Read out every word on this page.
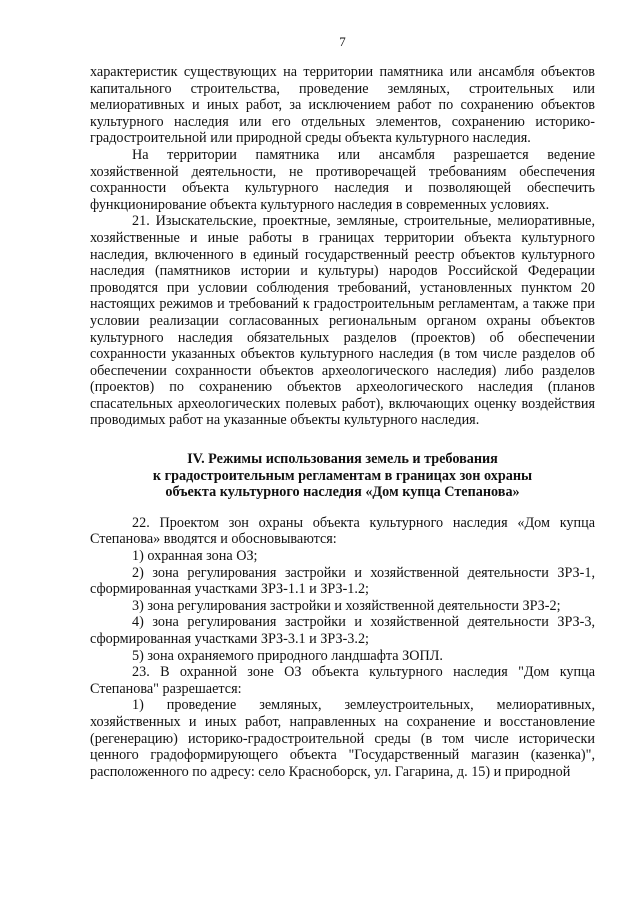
7

характеристик существующих на территории памятника или ансамбля объектов капитального строительства, проведение земляных, строительных или мелиоративных и иных работ, за исключением работ по сохранению объектов культурного наследия или его отдельных элементов, сохранению историко-градостроительной или природной среды объекта культурного наследия.

На территории памятника или ансамбля разрешается ведение хозяйственной деятельности, не противоречащей требованиям обеспечения сохранности объекта культурного наследия и позволяющей обеспечить функционирование объекта культурного наследия в современных условиях.

21. Изыскательские, проектные, земляные, строительные, мелиоративные, хозяйственные и иные работы в границах территории объекта культурного наследия, включенного в единый государственный реестр объектов культурного наследия (памятников истории и культуры) народов Российской Федерации проводятся при условии соблюдения требований, установленных пунктом 20 настоящих режимов и требований к градостроительным регламентам, а также при условии реализации согласованных региональным органом охраны объектов культурного наследия обязательных разделов (проектов) об обеспечении сохранности указанных объектов культурного наследия (в том числе разделов об обеспечении сохранности объектов археологического наследия) либо разделов (проектов) по сохранению объектов археологического наследия (планов спасательных археологических полевых работ), включающих оценку воздействия проводимых работ на указанные объекты культурного наследия.

IV. Режимы использования земель и требования
к градостроительным регламентам в границах зон охраны
объекта культурного наследия «Дом купца Степанова»

22. Проектом зон охраны объекта культурного наследия «Дом купца Степанова» вводятся и обосновываются:

1) охранная зона ОЗ;

2) зона регулирования застройки и хозяйственной деятельности ЗРЗ-1, сформированная участками ЗРЗ-1.1 и ЗРЗ-1.2;

3) зона регулирования застройки и хозяйственной деятельности ЗРЗ-2;

4) зона регулирования застройки и хозяйственной деятельности ЗРЗ-3, сформированная участками ЗРЗ-3.1 и ЗРЗ-3.2;

5) зона охраняемого природного ландшафта ЗОПЛ.

23. В охранной зоне ОЗ объекта культурного наследия "Дом купца Степанова" разрешается:

1) проведение земляных, землеустроительных, мелиоративных, хозяйственных и иных работ, направленных на сохранение и восстановление (регенерацию) историко-градостроительной среды (в том числе исторически ценного градоформирующего объекта "Государственный магазин (казенка)", расположенного по адресу: село Красноборск, ул. Гагарина, д. 15) и природной
